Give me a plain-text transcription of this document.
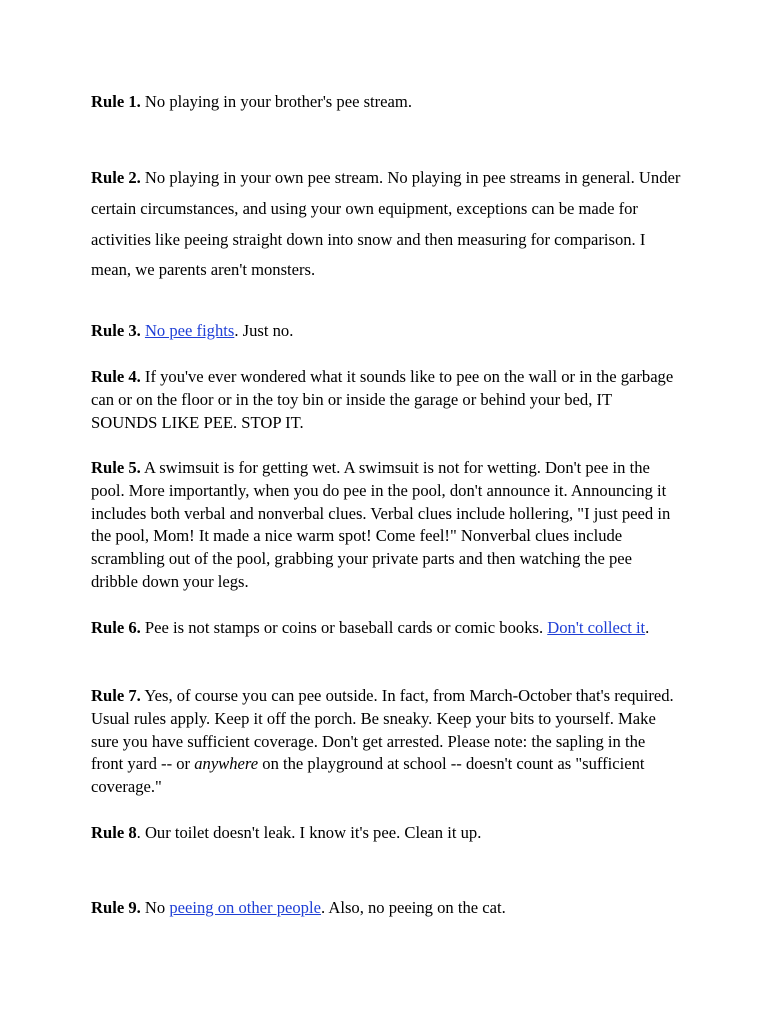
Rule 1. No playing in your brother's pee stream.

Rule 2. No playing in your own pee stream. No playing in pee streams in general. Under certain circumstances, and using your own equipment, exceptions can be made for activities like peeing straight down into snow and then measuring for comparison. I mean, we parents aren't monsters.

Rule 3. No pee fights. Just no.

Rule 4. If you've ever wondered what it sounds like to pee on the wall or in the garbage can or on the floor or in the toy bin or inside the garage or behind your bed, IT SOUNDS LIKE PEE. STOP IT.

Rule 5. A swimsuit is for getting wet. A swimsuit is not for wetting. Don't pee in the pool. More importantly, when you do pee in the pool, don't announce it. Announcing it includes both verbal and nonverbal clues. Verbal clues include hollering, "I just peed in the pool, Mom! It made a nice warm spot! Come feel!" Nonverbal clues include scrambling out of the pool, grabbing your private parts and then watching the pee dribble down your legs.

Rule 6. Pee is not stamps or coins or baseball cards or comic books. Don't collect it.

Rule 7. Yes, of course you can pee outside. In fact, from March-October that's required. Usual rules apply. Keep it off the porch. Be sneaky. Keep your bits to yourself. Make sure you have sufficient coverage. Don't get arrested. Please note: the sapling in the front yard -- or anywhere on the playground at school -- doesn't count as "sufficient coverage."

Rule 8. Our toilet doesn't leak. I know it's pee. Clean it up.

Rule 9. No peeing on other people. Also, no peeing on the cat.
